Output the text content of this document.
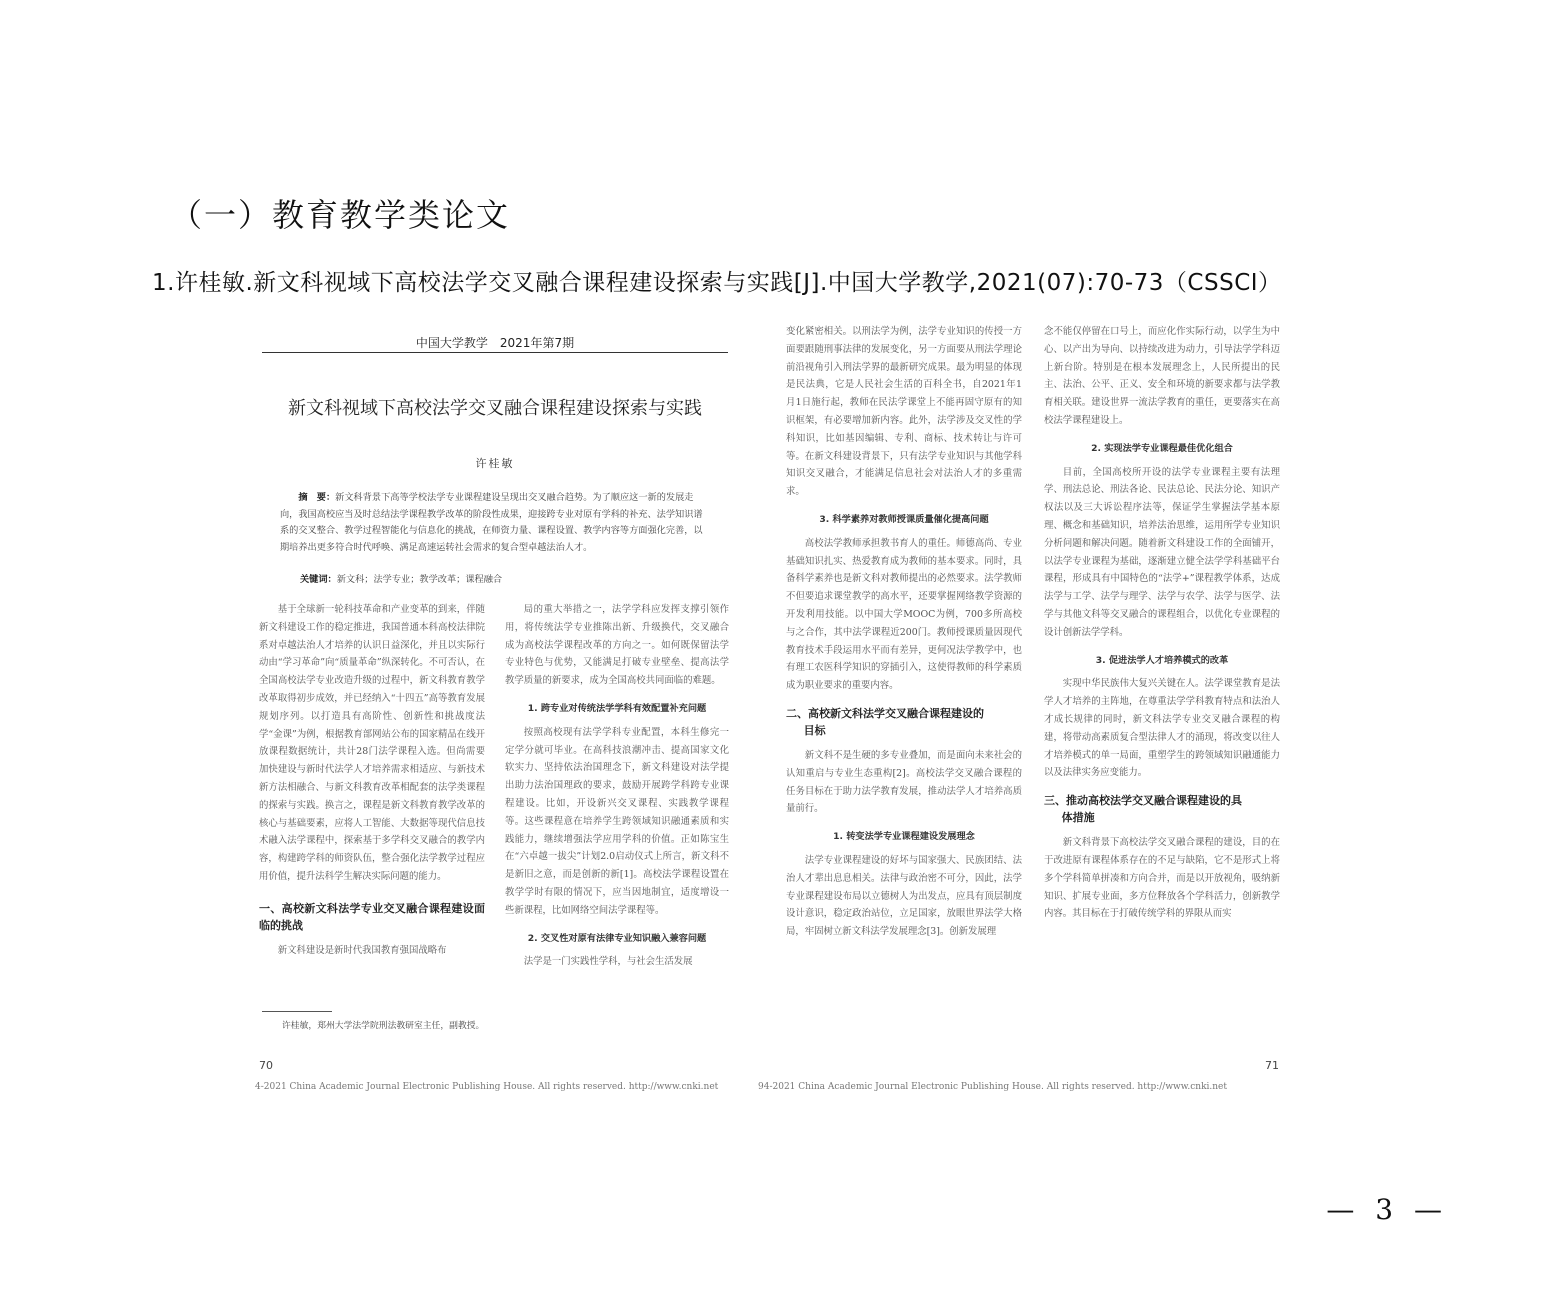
（一）教育教学类论文
1.许桂敏.新文科视域下高校法学交叉融合课程建设探索与实践[J].中国大学教学,2021(07):70-73（CSSCI）
中国大学教学 2021年第7期
新文科视域下高校法学交叉融合课程建设探索与实践
许桂敏
摘　要：新文科背景下高等学校法学专业课程建设呈现出交叉融合趋势。为了顺应这一新的发展走向，我国高校应当及时总结法学课程教学改革的阶段性成果，迎接跨专业对原有学科的补充、法学知识谱系的交叉整合、教学过程智能化与信息化的挑战，在师资力量、课程设置、教学内容等方面强化完善，以期培养出更多符合时代呼唤、满足高速运转社会需求的复合型卓越法治人才。
关键词：新文科；法学专业；教学改革；课程融合

基于全球新一轮科技革命和产业变革的到来，伴随新文科建设工作的稳定推进，我国普通本科高校法律院系对卓越法治人才培养的认识日益深化，并且以实际行动由“学习革命”向“质量革命”纵深转化。不可否认，在全国高校法学专业改造升级的过程中，新文科教育教学改革取得初步成效，并已经纳入“十四五”高等教育发展规划序列。以打造具有高阶性、创新性和挑战度法学“金课”为例，根据教育部网站公布的国家精品在线开放课程数据统计，共计28门法学课程入选。但尚需要加快建设与新时代法学人才培养需求相适应、与新技术新方法相融合、与新文科教育改革相配套的法学类课程的探索与实践。换言之，课程是新文科教育教学改革的核心与基础要素，应将人工智能、大数据等现代信息技术融入法学课程中，探索基于多学科交叉融合的教学内容，构建跨学科的师资队伍，整合强化法学教学过程应用价值，提升法科学生解决实际问题的能力。

一、高校新文科法学专业交叉融合课程建设面临的挑战

新文科建设是新时代我国教育强国战略布

局的重大举措之一，法学学科应发挥支撑引领作用，将传统法学专业推陈出新、升级换代，交叉融合成为高校法学课程改革的方向之一。如何既保留法学专业特色与优势，又能满足打破专业壁垒、提高法学教学质量的新要求，成为全国高校共同面临的难题。

1. 跨专业对传统法学学科有效配置补充问题

按照高校现有法学学科专业配置，本科生修完一定学分就可毕业。在高科技浪潮冲击、提高国家文化软实力、坚持依法治国理念下，新文科建设对法学提出助力法治国理政的要求，鼓励开展跨学科跨专业课程建设。比如，开设新兴交叉课程、实践教学课程等。这些课程意在培养学生跨领域知识融通素质和实践能力，继续增强法学应用学科的价值。正如陈宝生在“六卓越一拔尖”计划2.0启动仪式上所言，新文科不是新旧之意，而是创新的新[1]。高校法学课程设置在教学学时有限的情况下，应当因地制宜，适度增设一些新课程，比如网络空间法学课程等。

2. 交叉性对原有法律专业知识融入兼容问题

法学是一门实践性学科，与社会生活发展

许桂敏，郑州大学法学院刑法教研室主任，副教授。
70
4-2021 China Academic Journal Electronic Publishing House. All rights reserved. http://www.cnki.net

变化紧密相关。以刑法学为例，法学专业知识的传授一方面要跟随刑事法律的发展变化，另一方面要从刑法学理论前沿视角引入刑法学界的最新研究成果。最为明显的体现是民法典，它是人民社会生活的百科全书，自2021年1月1日施行起，教师在民法学课堂上不能再固守原有的知识框架，有必要增加新内容。此外，法学涉及交叉性的学科知识，比如基因编辑、专利、商标、技术转让与许可等。在新文科建设背景下，只有法学专业知识与其他学科知识交叉融合，才能满足信息社会对法治人才的多重需求。

3. 科学素养对教师授课质量催化提高问题

高校法学教师承担教书育人的重任。师德高尚、专业基础知识扎实、热爱教育成为教师的基本要求。同时，具备科学素养也是新文科对教师提出的必然要求。法学教师不但要追求课堂教学的高水平，还要掌握网络教学资源的开发利用技能。以中国大学MOOC为例，700多所高校与之合作，其中法学课程近200门。教师授课质量因现代教育技术手段运用水平而有差异，更何况法学教学中，也有理工农医科学知识的穿插引入，这使得教师的科学素质成为职业要求的重要内容。

二、高校新文科法学交叉融合课程建设的
目标

新文科不是生硬的多专业叠加，而是面向未来社会的认知重启与专业生态重构[2]。高校法学交叉融合课程的任务目标在于助力法学教育发展，推动法学人才培养高质量前行。

1. 转变法学专业课程建设发展理念

法学专业课程建设的好坏与国家强大、民族团结、法治人才辈出息息相关。法律与政治密不可分，因此，法学专业课程建设布局以立德树人为出发点，应具有顶层制度设计意识，稳定政治站位，立足国家，放眼世界法学大格局，牢固树立新文科法学发展理念[3]。创新发展理

念不能仅停留在口号上，而应化作实际行动，以学生为中心、以产出为导向、以持续改进为动力，引导法学学科迈上新台阶。特别是在根本发展理念上，人民所提出的民主、法治、公平、正义、安全和环境的新要求都与法学教育相关联。建设世界一流法学教育的重任，更要落实在高校法学课程建设上。

2. 实现法学专业课程最佳优化组合

目前，全国高校所开设的法学专业课程主要有法理学、刑法总论、刑法各论、民法总论、民法分论、知识产权法以及三大诉讼程序法等，保证学生掌握法学基本原理、概念和基础知识，培养法治思维，运用所学专业知识分析问题和解决问题。随着新文科建设工作的全面铺开，以法学专业课程为基础，逐渐建立健全法学学科基础平台课程，形成具有中国特色的“法学+”课程教学体系，达成法学与工学、法学与理学、法学与农学、法学与医学、法学与其他文科等交叉融合的课程组合，以优化专业课程的设计创新法学学科。

3. 促进法学人才培养模式的改革

实现中华民族伟大复兴关键在人。法学课堂教育是法学人才培养的主阵地，在尊重法学学科教育特点和法治人才成长规律的同时，新文科法学专业交叉融合课程的构建，将带动高素质复合型法律人才的涌现，将改变以往人才培养模式的单一局面，重塑学生的跨领域知识融通能力以及法律实务应变能力。

三、推动高校法学交叉融合课程建设的具
体措施

新文科背景下高校法学交叉融合课程的建设，目的在于改进原有课程体系存在的不足与缺陷，它不是形式上将多个学科简单拼凑和方向合并，而是以开放视角，吸纳新知识、扩展专业面，多方位释放各个学科活力，创新教学内容。其目标在于打破传统学科的界限从而实

71
94-2021 China Academic Journal Electronic Publishing House. All rights reserved. http://www.cnki.net
— 3 —
